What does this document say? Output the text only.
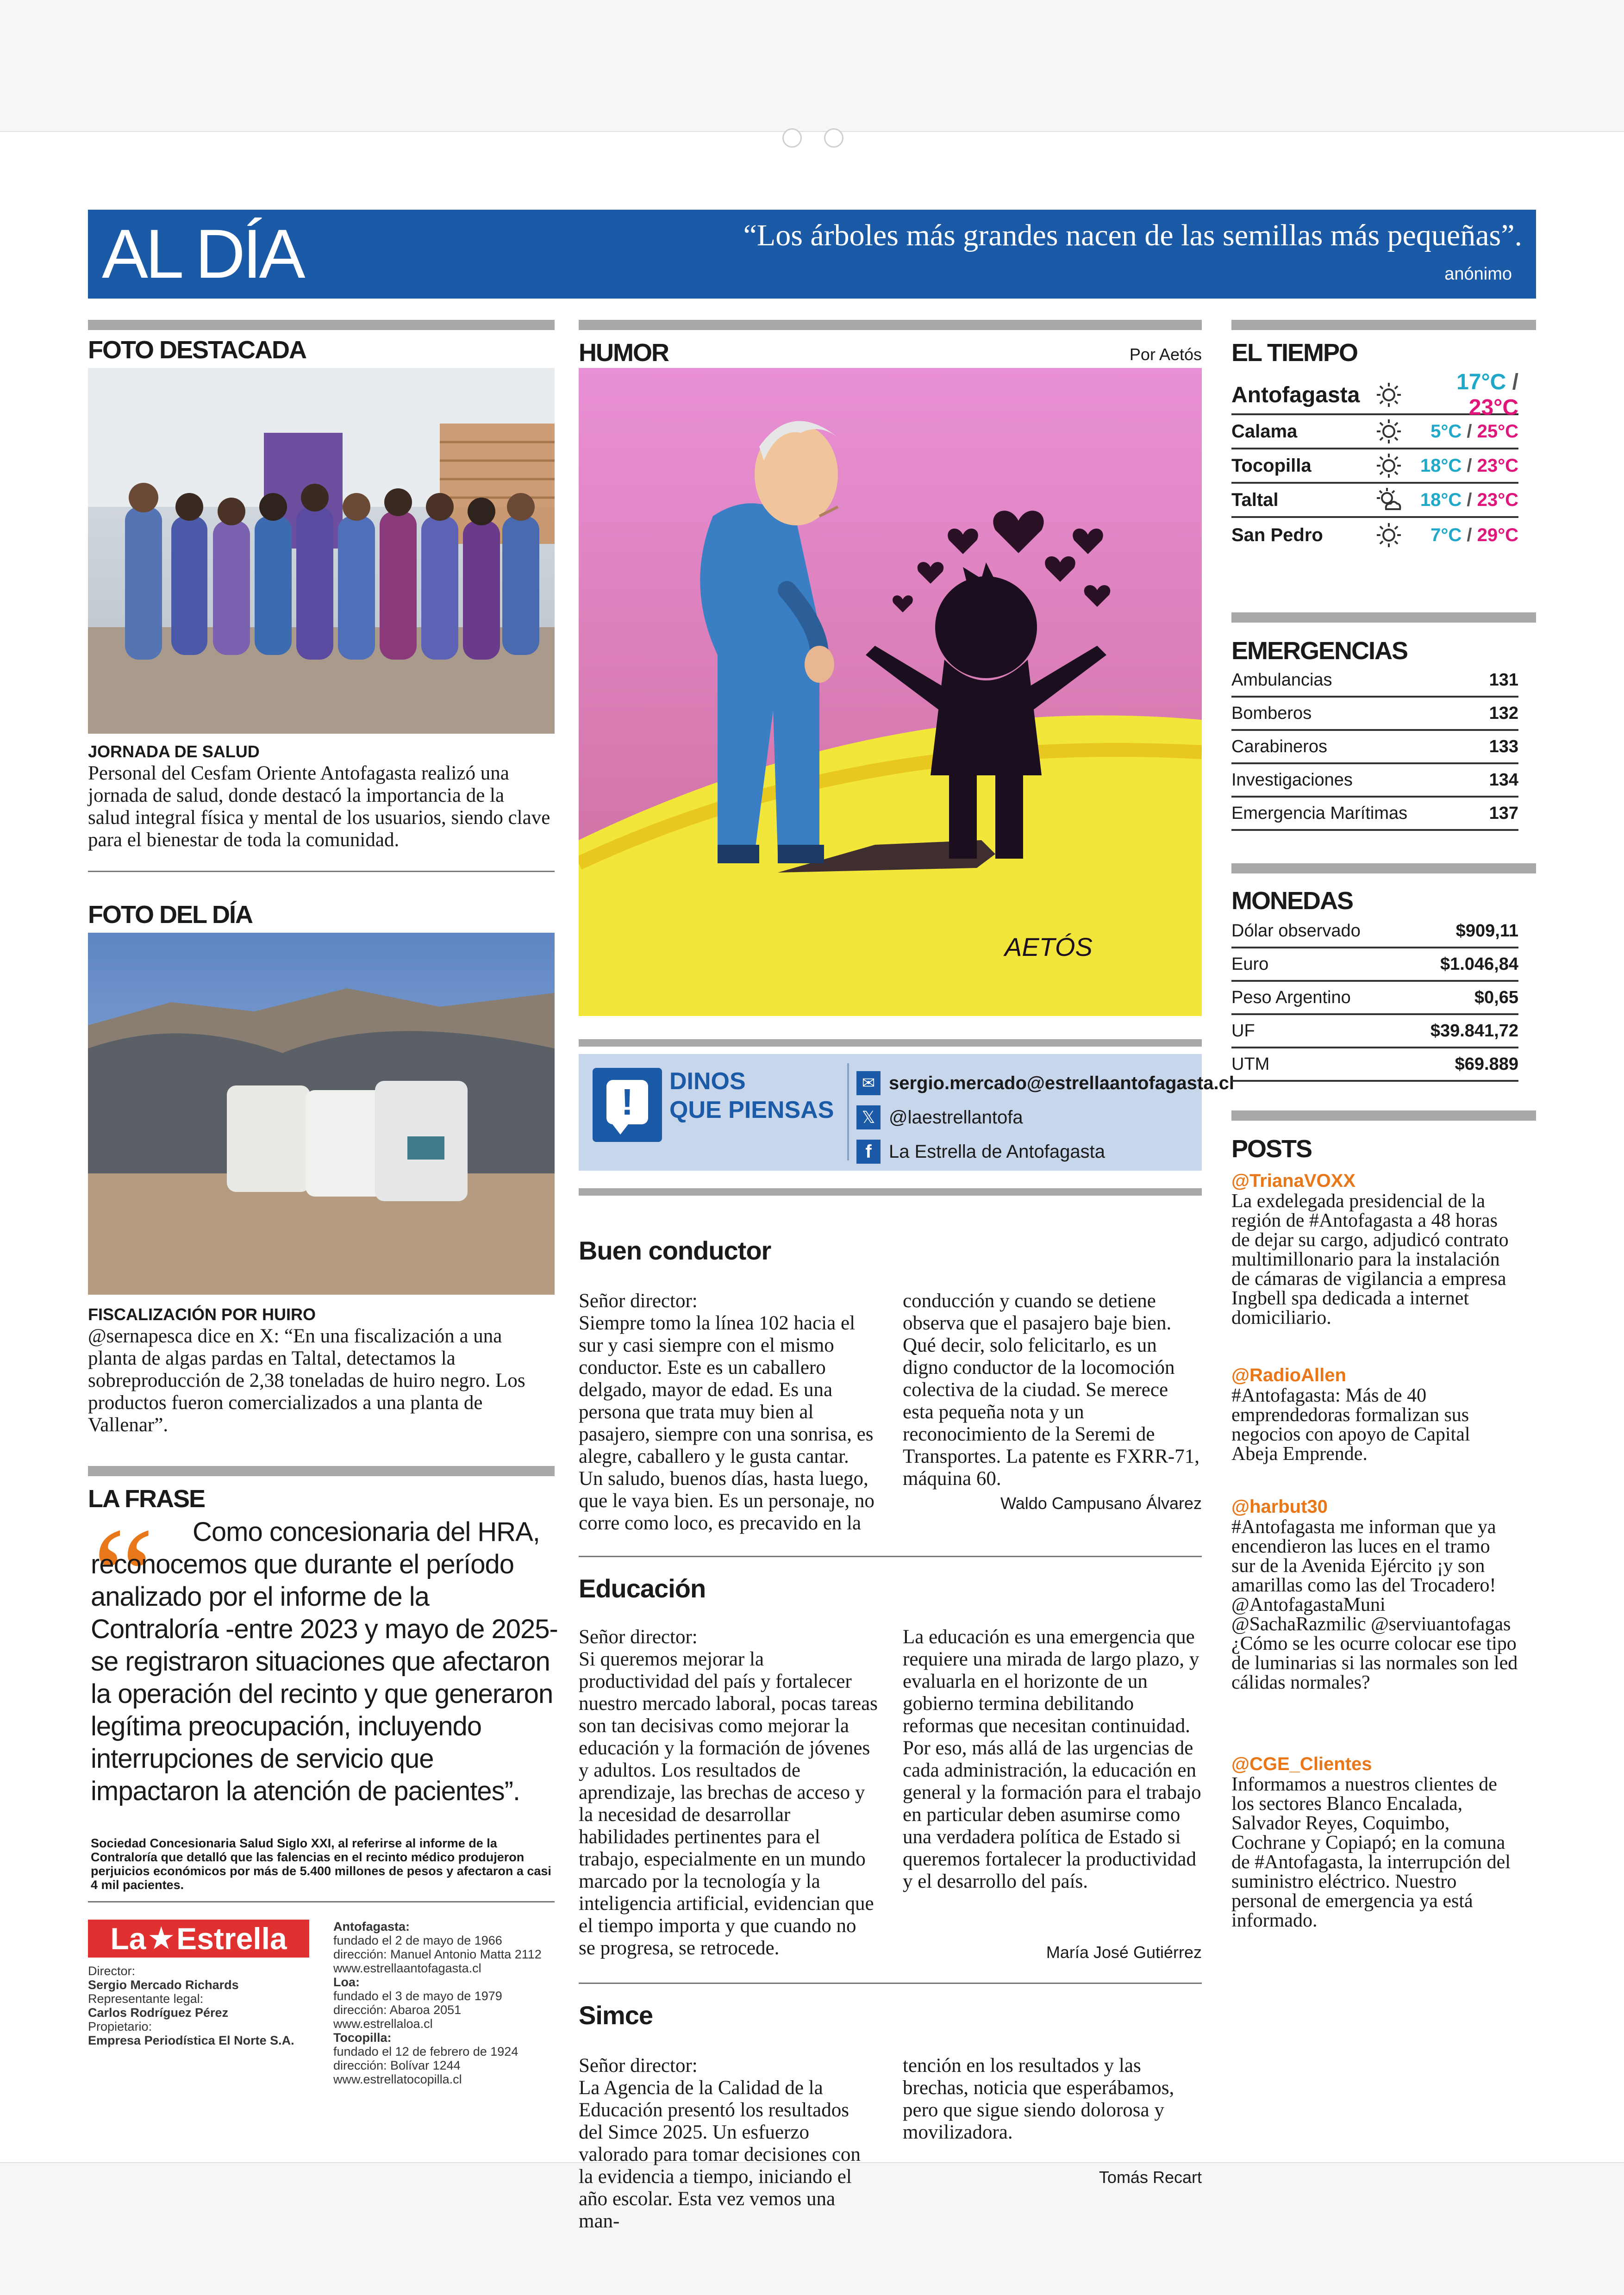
AL DÍA	“Los árboles más grandes nacen de las semillas más pequeñas”.
anónimo
FOTO DESTACADA
JORNADA DE SALUD
Personal del Cesfam Oriente Antofagasta realizó una jornada de salud, donde destacó la importancia de la salud integral física y mental de los usuarios, siendo clave para el bienestar de toda la comunidad.
FOTO DEL DÍA
FISCALIZACIÓN POR HUIRO
@sernapesca dice en X: “En una fiscalización a una planta de algas pardas en Taltal, detectamos la sobreproducción de 2,38 toneladas de huiro negro. Los productos fueron comercializados a una planta de Vallenar”.
LA FRASE
“	Como concesionaria del HRA, reconocemos que durante el período analizado por el informe de la Contraloría -entre 2023 y mayo de 2025- se registraron situaciones que afectaron la operación del recinto y que generaron legítima preocupación, incluyendo interrupciones de servicio que impactaron la atención de pacientes”.
Sociedad Concesionaria Salud Siglo XXI, al referirse al informe de la Contraloría que detalló que las falencias en el recinto médico produjeron perjuicios económicos por más de 5.400 millones de pesos y afectaron a casi 4 mil pacientes.
La ★ Estrella
Director:
Sergio Mercado Richards
Representante legal:
Carlos Rodríguez Pérez
Propietario:
Empresa Periodística El Norte S.A.
Antofagasta:
fundado el 2 de mayo de 1966
dirección: Manuel Antonio Matta 2112
www.estrellaantofagasta.cl
Loa:
fundado el 3 de mayo de 1979
dirección: Abaroa 2051
www.estrellaloa.cl
Tocopilla:
fundado el 12 de febrero de 1924
dirección: Bolívar 1244
www.estrellatocopilla.cl
HUMOR	Por Aetós
AETÓS
!	DINOS
QUE PIENSAS
✉ sergio.mercado@estrellaantofagasta.cl
𝕏 @laestrellantofa
f La Estrella de Antofagasta
Buen conductor
Señor director:
Siempre tomo la línea 102 hacia el sur y casi siempre con el mismo conductor. Este es un caballero delgado, mayor de edad. Es una persona que trata muy bien al pasajero, siempre con una sonrisa, es alegre, caballero y le gusta cantar. Un saludo, buenos días, hasta luego, que le vaya bien. Es un personaje, no corre como loco, es precavido en la
conducción y cuando se detiene observa que el pasajero baje bien. Qué decir, solo felicitarlo, es un digno conductor de la locomoción colectiva de la ciudad. Se merece esta pequeña nota y un reconocimiento de la Seremi de Transportes. La patente es FXRR-71, máquina 60.
Waldo Campusano Álvarez
Educación
Señor director:
Si queremos mejorar la productividad del país y fortalecer nuestro mercado laboral, pocas tareas son tan decisivas como mejorar la educación y la formación de jóvenes y adultos. Los resultados de aprendizaje, las brechas de acceso y la necesidad de desarrollar habilidades pertinentes para el trabajo, especialmente en un mundo marcado por la tecnología y la inteligencia artificial, evidencian que el tiempo importa y que cuando no se progresa, se retrocede.
La educación es una emergencia que requiere una mirada de largo plazo, y evaluarla en el horizonte de un gobierno termina debilitando reformas que necesitan continuidad. Por eso, más allá de las urgencias de cada administración, la educación en general y la formación para el trabajo en particular deben asumirse como una verdadera política de Estado si queremos fortalecer la productividad y el desarrollo del país.
María José Gutiérrez
Simce
Señor director:
La Agencia de la Calidad de la Educación presentó los resultados del Simce 2025. Un esfuerzo valorado para tomar decisiones con la evidencia a tiempo, iniciando el año escolar. Esta vez vemos una man-
tención en los resultados y las brechas, noticia que esperábamos, pero que sigue siendo dolorosa y movilizadora.
Tomás Recart
EL TIEMPO
Antofagasta
17°C / 23°C
Calama	5°C / 25°C
Tocopilla	18°C / 23°C
Taltal	18°C / 23°C
San Pedro	7°C / 29°C
EMERGENCIAS
Ambulancias	131
Bomberos	132
Carabineros	133
Investigaciones	134
Emergencia Marítimas	137
MONEDAS
Dólar observado	$909,11
Euro	$1.046,84
Peso Argentino	$0,65
UF	$39.841,72
UTM	$69.889
POSTS
@TrianaVOXX
La exdelegada presidencial de la región de #Antofagasta a 48 horas de dejar su cargo, adjudicó contrato multimillonario para la instalación de cámaras de vigilancia a empresa Ingbell spa dedicada a internet domiciliario.
@RadioAllen
#Antofagasta: Más de 40 emprendedoras formalizan sus negocios con apoyo de Capital Abeja Emprende.
@harbut30
#Antofagasta me informan que ya encendieron las luces en el tramo sur de la Avenida Ejército ¡y son amarillas como las del Trocadero! @AntofagastaMuni @SachaRazmilic @serviuantofagas ¿Cómo se les ocurre colocar ese tipo de luminarias si las normales son led cálidas normales?
@CGE_Clientes
Informamos a nuestros clientes de los sectores Blanco Encalada, Salvador Reyes, Coquimbo, Cochrane y Copiapó; en la comuna de #Antofagasta, la interrupción del suministro eléctrico. Nuestro personal de emergencia ya está informado.
